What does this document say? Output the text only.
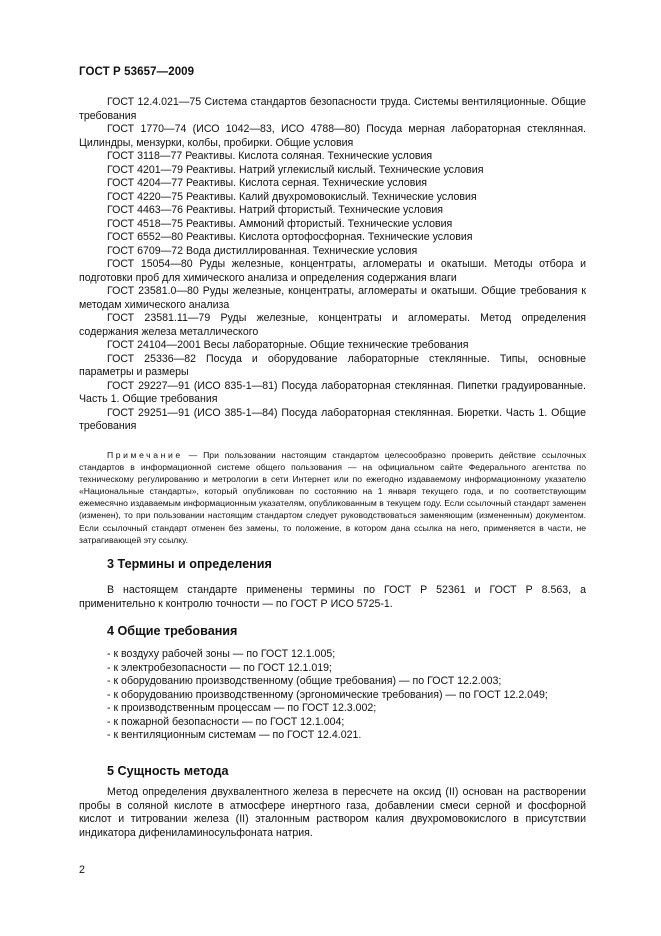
ГОСТ Р 53657—2009

ГОСТ 12.4.021—75 Система стандартов безопасности труда. Системы вентиляционные. Общие требования

ГОСТ 1770—74 (ИСО 1042—83, ИСО 4788—80) Посуда мерная лабораторная стеклянная. Цилиндры, мензурки, колбы, пробирки. Общие условия

ГОСТ 3118—77 Реактивы. Кислота соляная. Технические условия

ГОСТ 4201—79 Реактивы. Натрий углекислый кислый. Технические условия

ГОСТ 4204—77 Реактивы. Кислота серная. Технические условия

ГОСТ 4220—75 Реактивы. Калий двухромовокислый. Технические условия

ГОСТ 4463—76 Реактивы. Натрий фтористый. Технические условия

ГОСТ 4518—75 Реактивы. Аммоний фтористый. Технические условия

ГОСТ 6552—80 Реактивы. Кислота ортофосфорная. Технические условия

ГОСТ 6709—72 Вода дистиллированная. Технические условия

ГОСТ 15054—80 Руды железные, концентраты, агломераты и окатыши. Методы отбора и подготовки проб для химического анализа и определения содержания влаги

ГОСТ 23581.0—80 Руды железные, концентраты, агломераты и окатыши. Общие требования к методам химического анализа

ГОСТ 23581.11—79 Руды железные, концентраты и агломераты. Метод определения содержания железа металлического

ГОСТ 24104—2001 Весы лабораторные. Общие технические требования

ГОСТ 25336—82 Посуда и оборудование лабораторные стеклянные. Типы, основные параметры и размеры

ГОСТ 29227—91 (ИСО 835-1—81) Посуда лабораторная стеклянная. Пипетки градуированные. Часть 1. Общие требования

ГОСТ 29251—91 (ИСО 385-1—84) Посуда лабораторная стеклянная. Бюретки. Часть 1. Общие требования

Примечание — При пользовании настоящим стандартом целесообразно проверить действие ссылочных стандартов в информационной системе общего пользования — на официальном сайте Федерального агентства по техническому регулированию и метрологии в сети Интернет или по ежегодно издаваемому информационному указателю «Национальные стандарты», который опубликован по состоянию на 1 января текущего года, и по соответствующим ежемесячно издаваемым информационным указателям, опубликованным в текущем году. Если ссылочный стандарт заменен (изменен), то при пользовании настоящим стандартом следует руководствоваться заменяющим (измененным) документом. Если ссылочный стандарт отменен без замены, то положение, в котором дана ссылка на него, применяется в части, не затрагивающей эту ссылку.

3 Термины и определения

В настоящем стандарте применены термины по ГОСТ Р 52361 и ГОСТ Р 8.563, а применительно к контролю точности — по ГОСТ Р ИСО 5725-1.

4 Общие требования
- к воздуху рабочей зоны — по ГОСТ 12.1.005;
- к электробезопасности — по ГОСТ 12.1.019;
- к оборудованию производственному (общие требования) — по ГОСТ 12.2.003;
- к оборудованию производственному (эргономические требования) — по ГОСТ 12.2.049;
- к производственным процессам — по ГОСТ 12.3.002;
- к пожарной безопасности — по ГОСТ 12.1.004;
- к вентиляционным системам — по ГОСТ 12.4.021.
5 Сущность метода

Метод определения двухвалентного железа в пересчете на оксид (II) основан на растворении пробы в соляной кислоте в атмосфере инертного газа, добавлении смеси серной и фосфорной кислот и титровании железа (II) эталонным раствором калия двухромовокислого в присутствии индикатора дифениламиносульфоната натрия.

2
